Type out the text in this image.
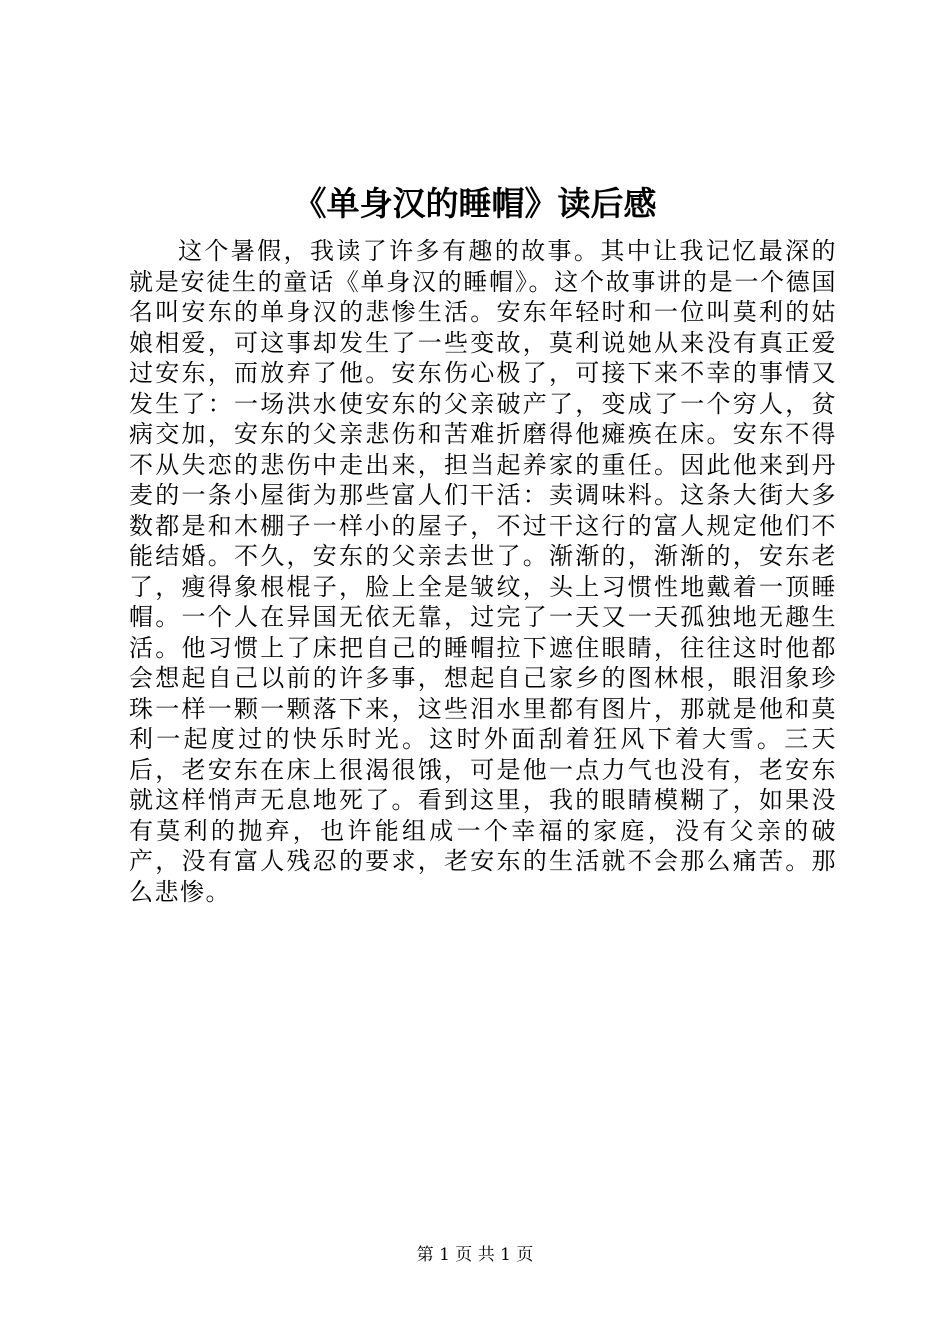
《单身汉的睡帽》读后感

这个暑假，我读了许多有趣的故事。其中让我记忆最深的就是安徒生的童话《单身汉的睡帽》。这个故事讲的是一个德国名叫安东的单身汉的悲惨生活。安东年轻时和一位叫莫利的姑娘相爱，可这事却发生了一些变故，莫利说她从来没有真正爱过安东，而放弃了他。安东伤心极了，可接下来不幸的事情又发生了：一场洪水使安东的父亲破产了，变成了一个穷人，贫病交加，安东的父亲悲伤和苦难折磨得他瘫痪在床。安东不得不从失恋的悲伤中走出来，担当起养家的重任。因此他来到丹麦的一条小屋街为那些富人们干活：卖调味料。这条大街大多数都是和木棚子一样小的屋子，不过干这行的富人规定他们不能结婚。不久，安东的父亲去世了。渐渐的，渐渐的，安东老了，瘦得象根棍子，脸上全是皱纹，头上习惯性地戴着一顶睡帽。一个人在异国无依无靠，过完了一天又一天孤独地无趣生活。他习惯上了床把自己的睡帽拉下遮住眼睛，往往这时他都会想起自己以前的许多事，想起自己家乡的图林根，眼泪象珍珠一样一颗一颗落下来，这些泪水里都有图片，那就是他和莫利一起度过的快乐时光。这时外面刮着狂风下着大雪。三天后，老安东在床上很渴很饿，可是他一点力气也没有，老安东就这样悄声无息地死了。看到这里，我的眼睛模糊了，如果没有莫利的抛弃，也许能组成一个幸福的家庭，没有父亲的破产，没有富人残忍的要求，老安东的生活就不会那么痛苦。那么悲惨。

第 1 页 共 1 页
